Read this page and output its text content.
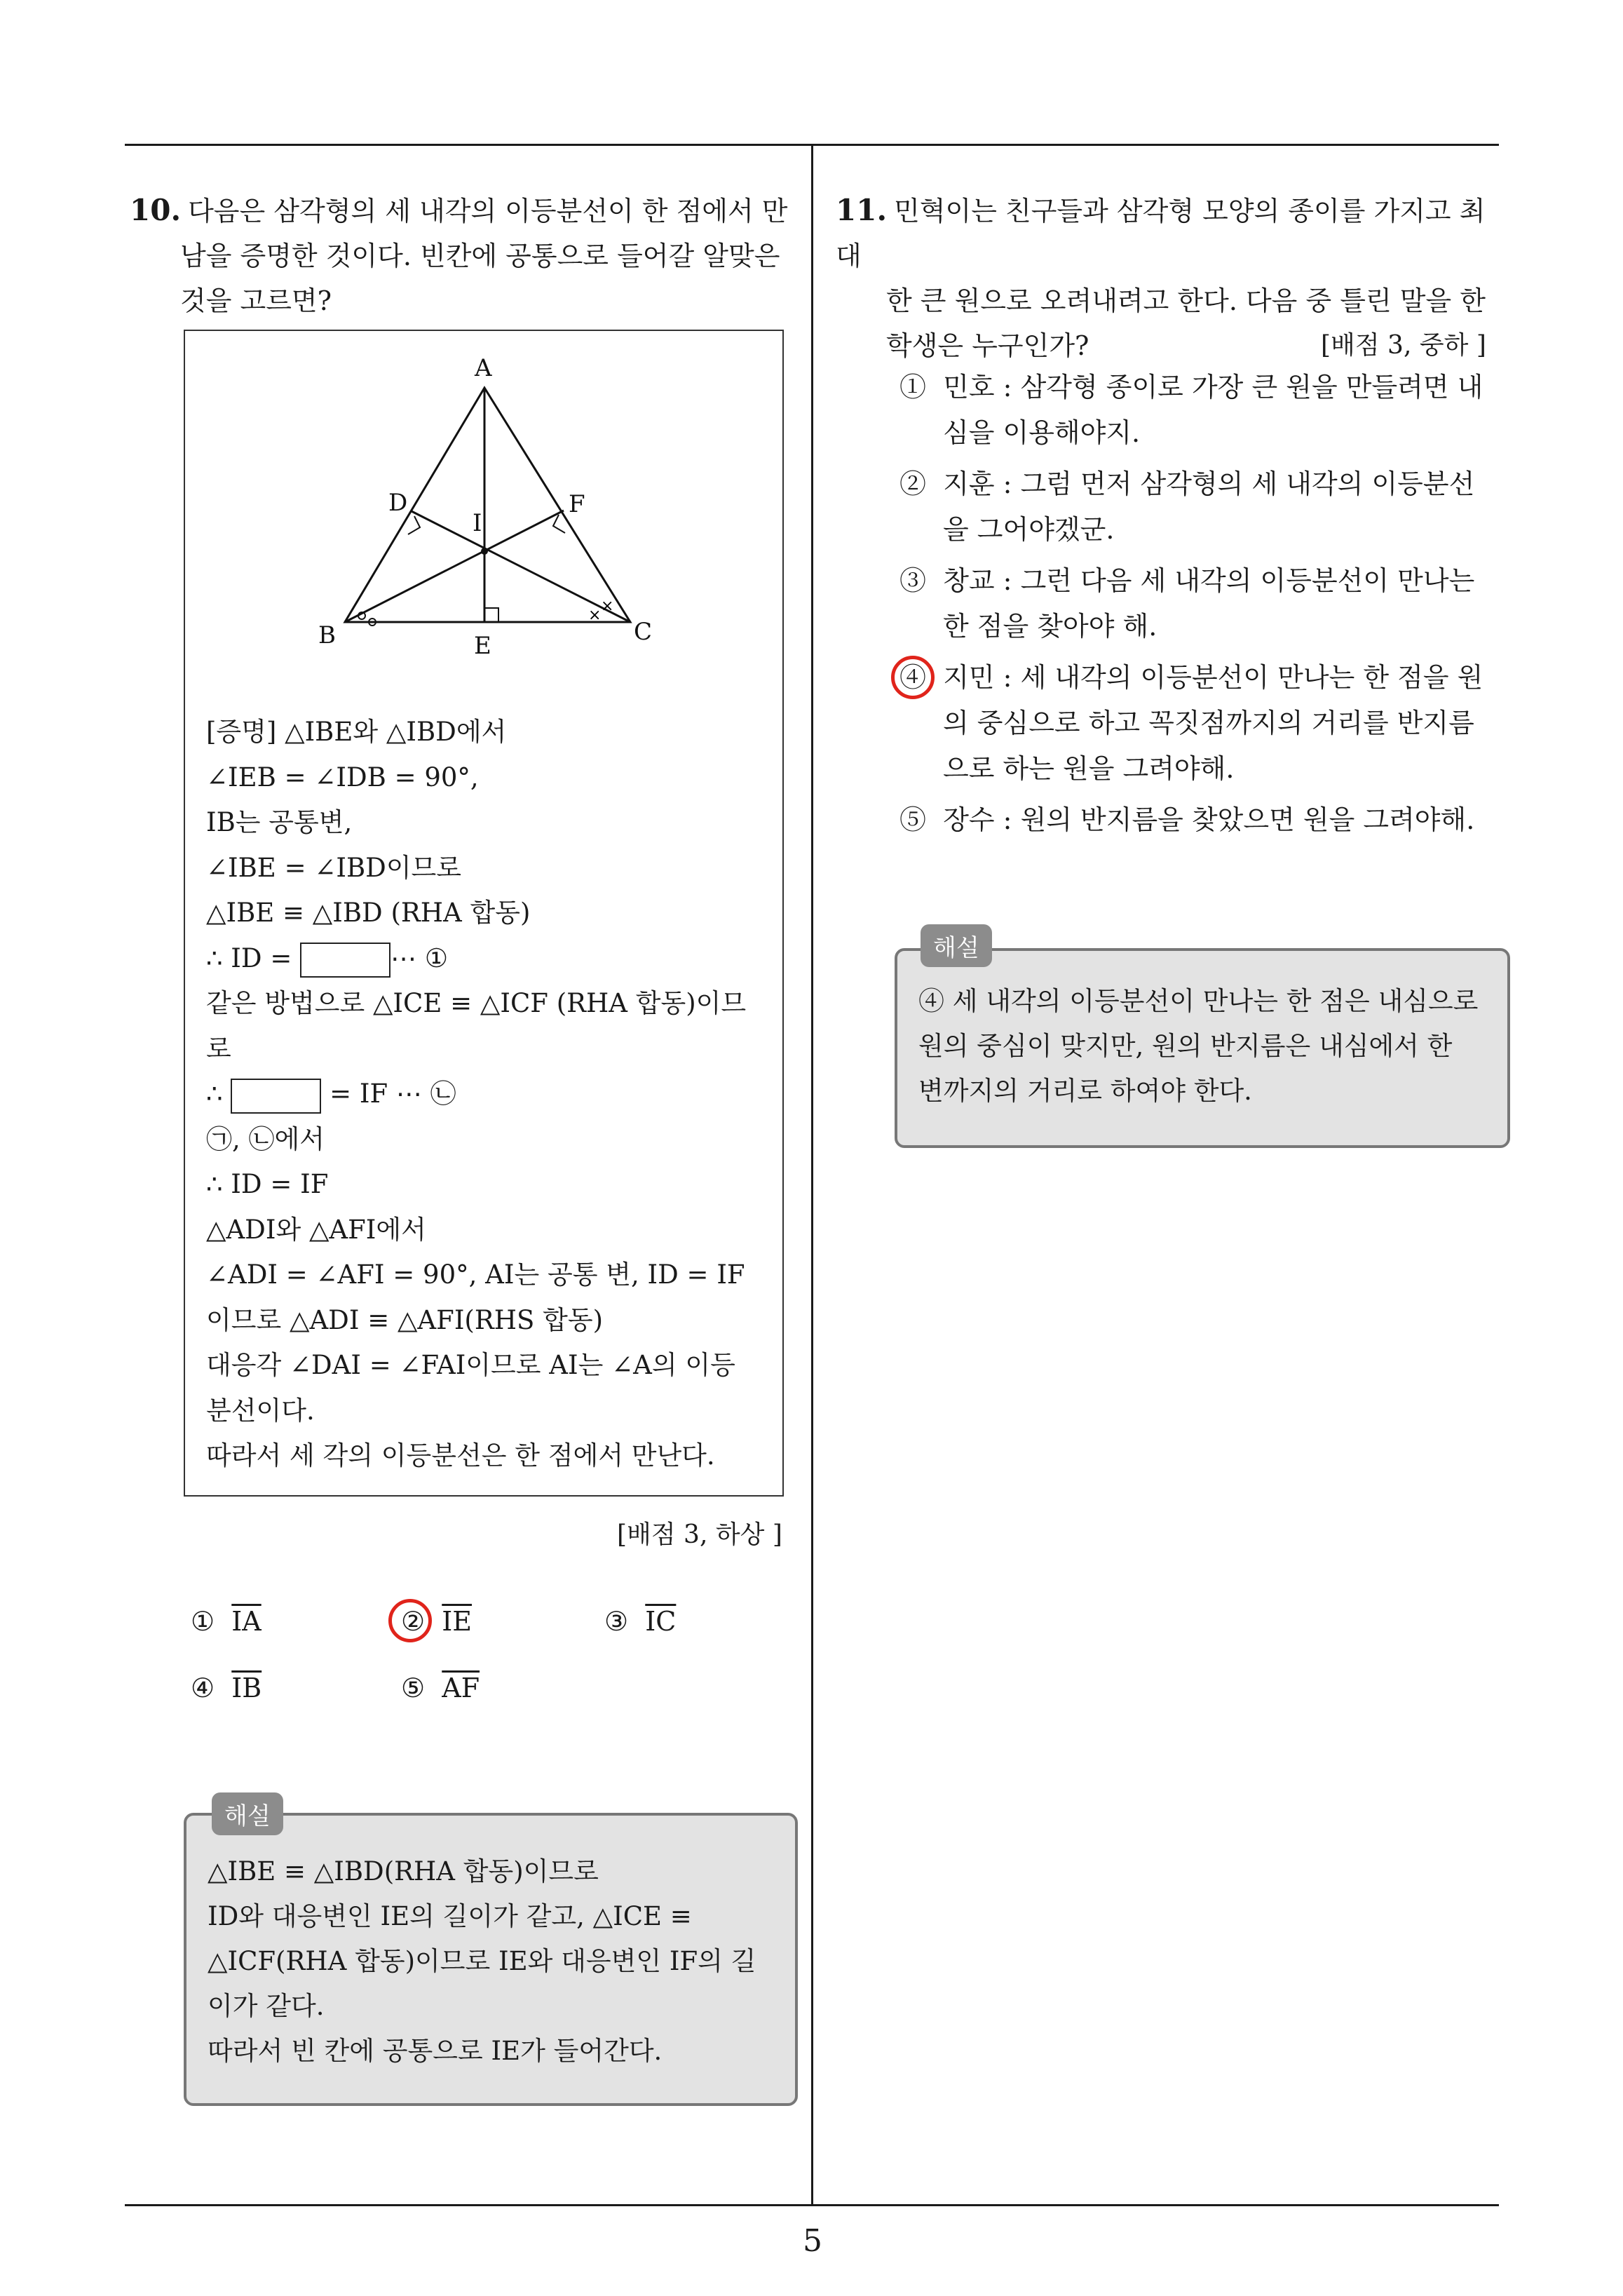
10. 다음은 삼각형의 세 내각의 이등분선이 한 점에서 만
남을 증명한 것이다. 빈칸에 공통으로 들어갈 알맞은
것을 고르면?
×
×
A
B	C
D
E
F
I
[증명] △IBE와 △IBD에서
∠IEB = ∠IDB = 90°,
IB는 공통변,
∠IBE = ∠IBD이므로
△IBE ≡ △IBD (RHA 합동)
∴ ID =	⋯ ①
같은 방법으로 △ICE ≡ △ICF (RHA 합동)이므
로
∴	= IF ⋯ ㉡
㉠, ㉡에서
∴ ID = IF
△ADI와 △AFI에서
∠ADI = ∠AFI = 90°, AI는 공통 변, ID = IF
이므로 △ADI ≡ △AFI(RHS 합동)
대응각 ∠DAI = ∠FAI이므로 AI는 ∠A의 이등
분선이다.
따라서 세 각의 이등분선은 한 점에서 만난다.
[배점 3, 하상 ]
① $\overline{IA}$	② $\overline{IE}$	③ $\overline{IC}$
④ $\overline{IB}$	⑤ $\overline{AF}$
△IBE ≡ △IBD(RHA 합동)이므로
ID와 대응변인 IE의 길이가 같고, △ICE ≡
△ICF(RHA 합동)이므로 IE와 대응변인 IF의 길
이가 같다.
따라서 빈 칸에 공통으로 IE가 들어간다.
해설
11. 민혁이는 친구들과 삼각형 모양의 종이를 가지고 최대
한 큰 원으로 오려내려고 한다. 다음 중 틀린 말을 한
학생은 누구인가?	[배점 3, 중하 ]
① 민호 : 삼각형 종이로 가장 큰 원을 만들려면 내
심을 이용해야지.
② 지훈 : 그럼 먼저 삼각형의 세 내각의 이등분선
을 그어야겠군.
③ 창교 : 그런 다음 세 내각의 이등분선이 만나는
한 점을 찾아야 해.
④ 지민 : 세 내각의 이등분선이 만나는 한 점을 원
의 중심으로 하고 꼭짓점까지의 거리를 반지름
으로 하는 원을 그려야해.
⑤ 장수 : 원의 반지름을 찾았으면 원을 그려야해.
④ 세 내각의 이등분선이 만나는 한 점은 내심으로
원의 중심이 맞지만, 원의 반지름은 내심에서 한
변까지의 거리로 하여야 한다.
해설
5
